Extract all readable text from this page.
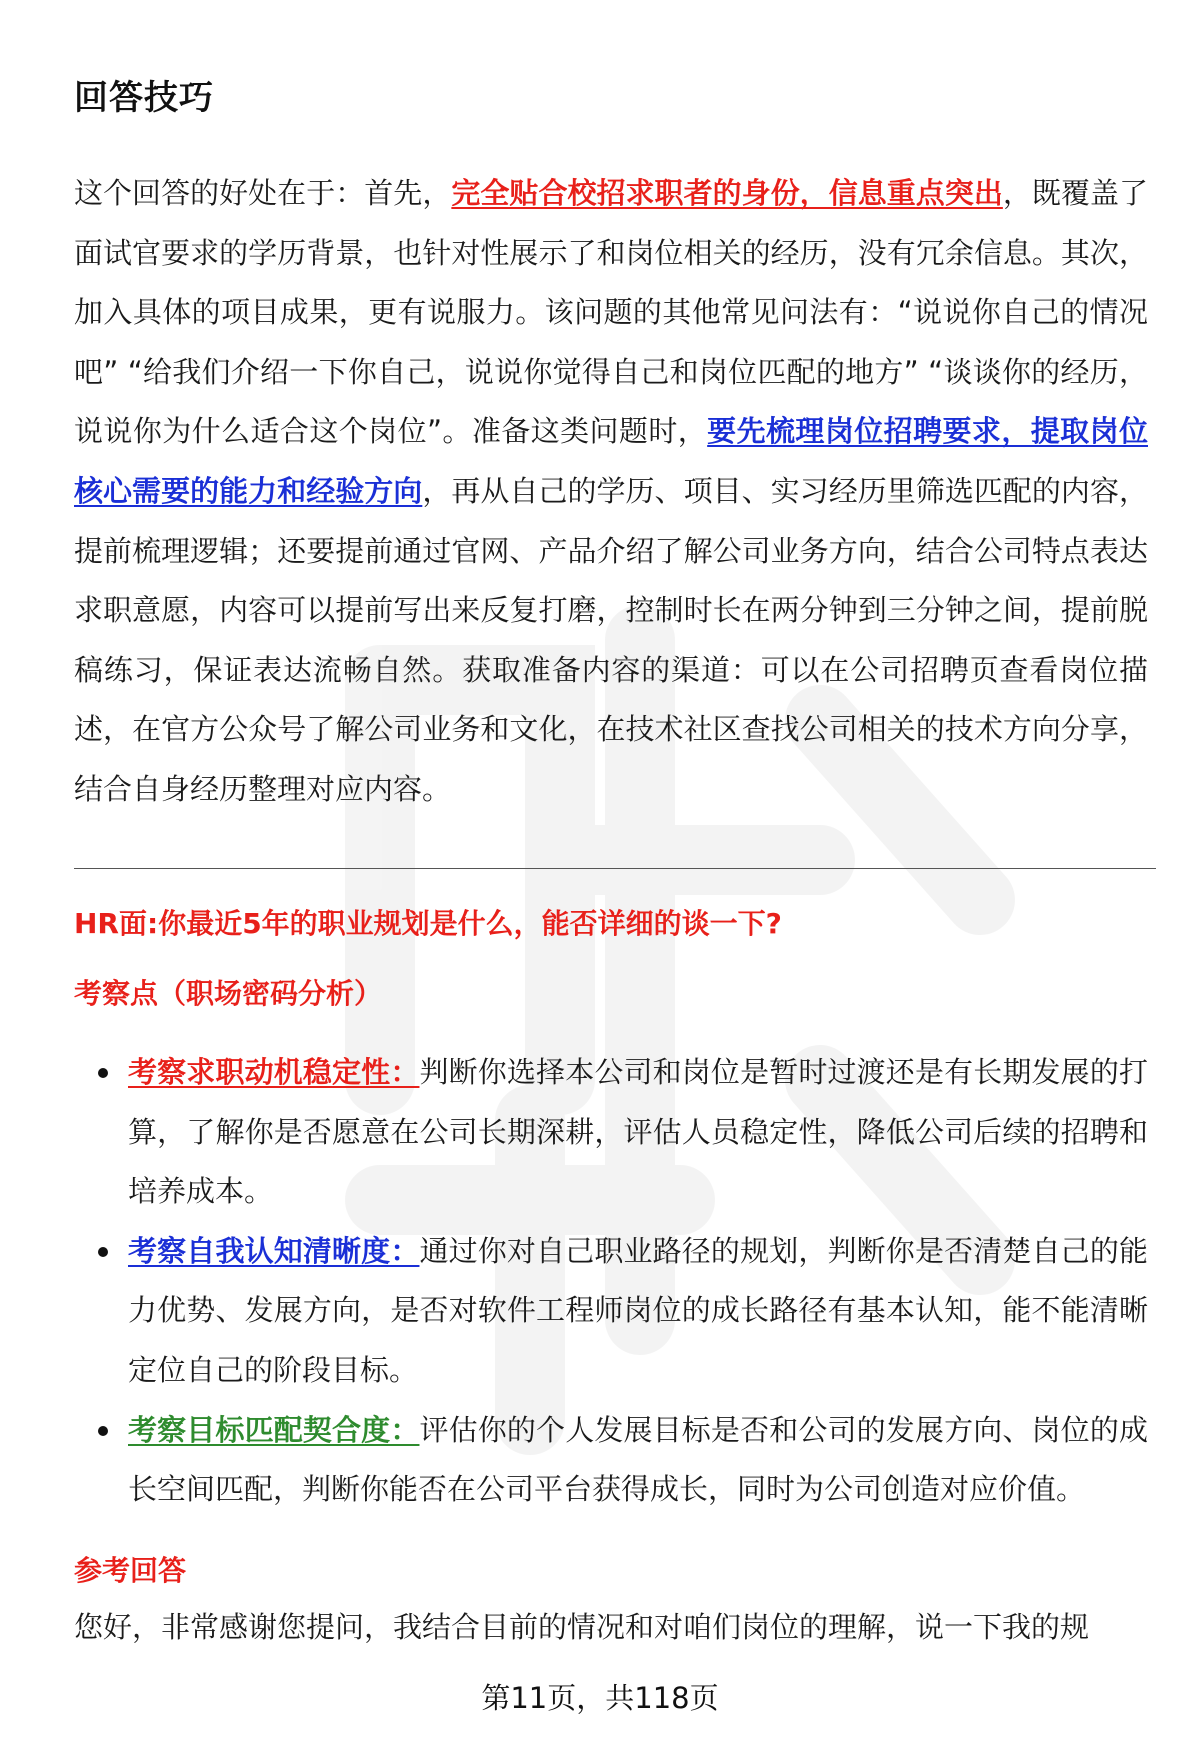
回答技巧
这个回答的好处在于：首先，完全贴合校招求职者的身份，信息重点突出，既覆盖了面试官要求的学历背景，也针对性展示了和岗位相关的经历，没有冗余信息。其次，加入具体的项目成果，更有说服力。该问题的其他常见问法有：“说说你自己的情况吧” “给我们介绍一下你自己，说说你觉得自己和岗位匹配的地方” “谈谈你的经历，说说你为什么适合这个岗位”。准备这类问题时，要先梳理岗位招聘要求，提取岗位核心需要的能力和经验方向，再从自己的学历、项目、实习经历里筛选匹配的内容，提前梳理逻辑；还要提前通过官网、产品介绍了解公司业务方向，结合公司特点表达求职意愿，内容可以提前写出来反复打磨，控制时长在两分钟到三分钟之间，提前脱稿练习，保证表达流畅自然。获取准备内容的渠道：可以在公司招聘页查看岗位描述，在官方公众号了解公司业务和文化，在技术社区查找公司相关的技术方向分享，结合自身经历整理对应内容。
HR面:你最近5年的职业规划是什么，能否详细的谈一下?
考察点（职场密码分析）
考察求职动机稳定性：判断你选择本公司和岗位是暂时过渡还是有长期发展的打算，了解你是否愿意在公司长期深耕，评估人员稳定性，降低公司后续的招聘和培养成本。
考察自我认知清晰度：通过你对自己职业路径的规划，判断你是否清楚自己的能力优势、发展方向，是否对软件工程师岗位的成长路径有基本认知，能不能清晰定位自己的阶段目标。
考察目标匹配契合度：评估你的个人发展目标是否和公司的发展方向、岗位的成长空间匹配，判断你能否在公司平台获得成长，同时为公司创造对应价值。
参考回答
您好，非常感谢您提问，我结合目前的情况和对咱们岗位的理解，说一下我的规
第11页，共118页
